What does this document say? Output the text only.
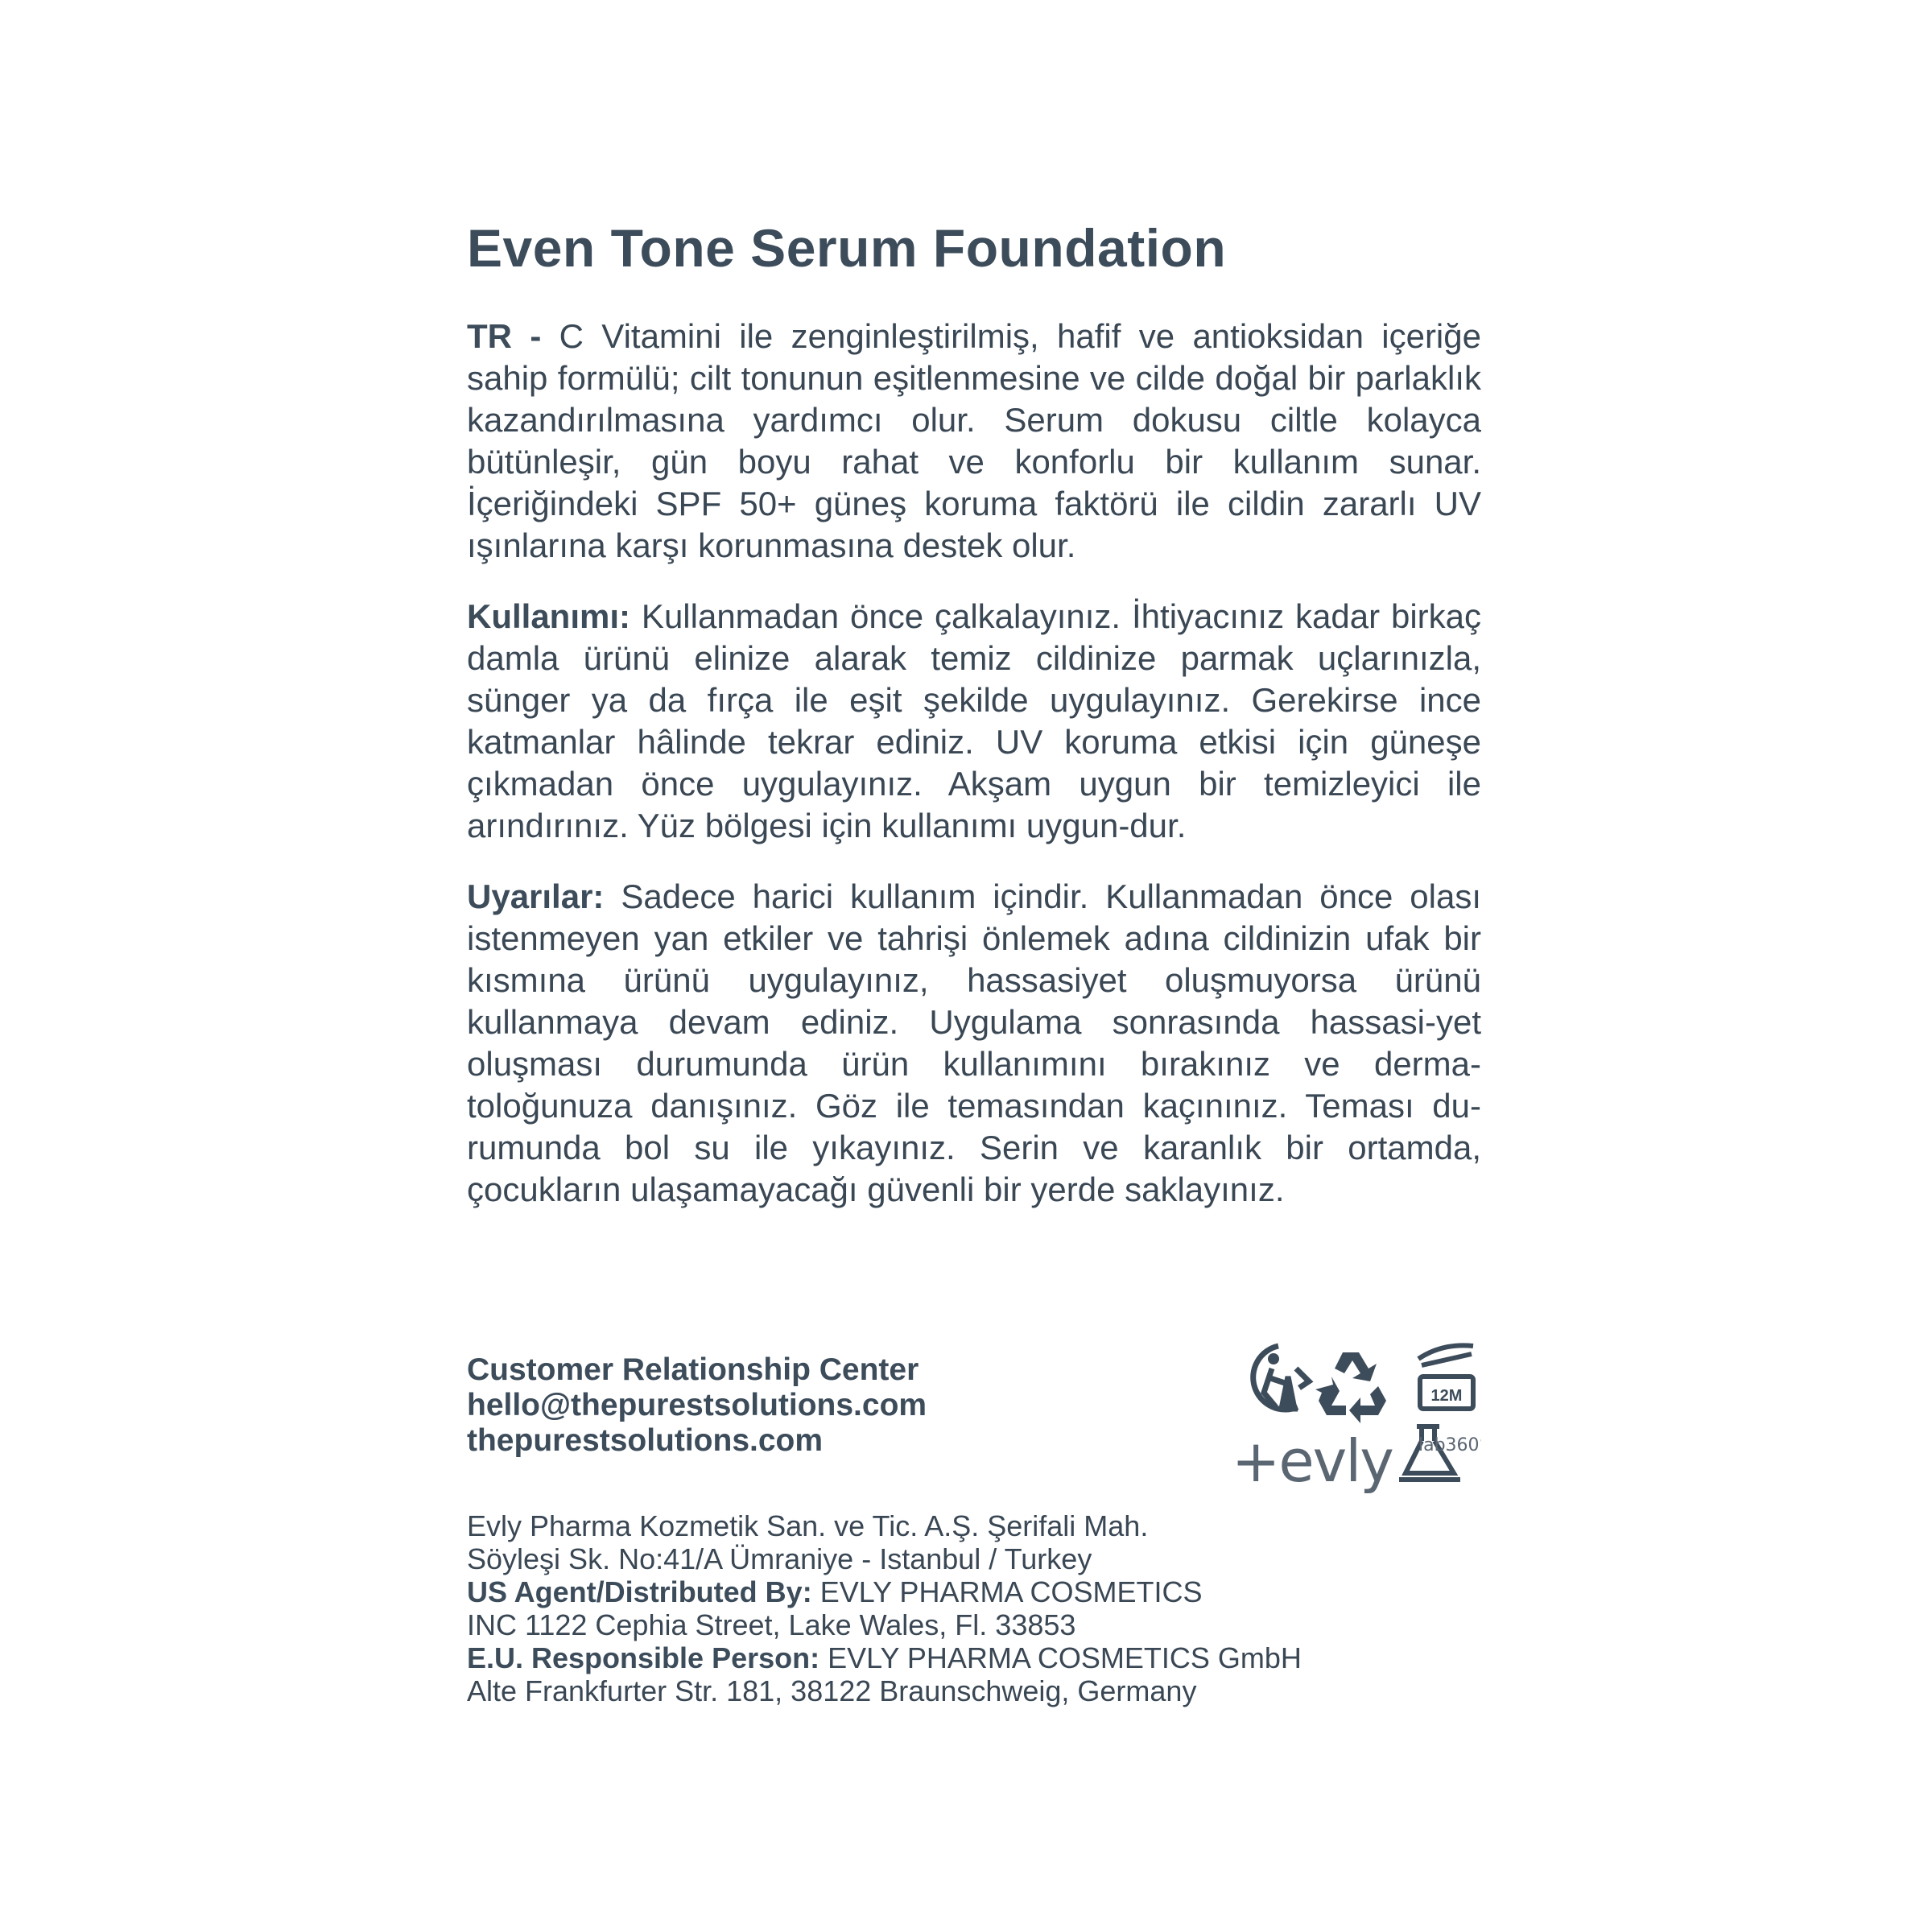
Even Tone Serum Foundation

TR - C Vitamini ile zenginleştirilmiş, hafif ve antioksidan içeriğe sahip formülü; cilt tonunun eşitlenmesine ve cilde doğal bir parlaklık kazandırılmasına yardımcı olur. Serum dokusu ciltle kolayca bütünleşir, gün boyu rahat ve konforlu bir kullanım sunar. İçeriğindeki SPF 50+ güneş koruma faktörü ile cildin zararlı UV ışınlarına karşı korunmasına destek olur.

Kullanımı: Kullanmadan önce çalkalayınız. İhtiyacınız kadar birkaç damla ürünü elinize alarak temiz cildinize parmak uçlarınızla, sünger ya da fırça ile eşit şekilde uygulayınız. Gerekirse ince katmanlar hâlinde tekrar ediniz. UV koruma etkisi için güneşe çıkmadan önce uygulayınız. Akşam uygun bir temizleyici ile arındırınız. Yüz bölgesi için kullanımı uygun-dur.

Uyarılar: Sadece harici kullanım içindir. Kullanmadan önce olası istenmeyen yan etkiler ve tahrişi önlemek adına cildinizin ufak bir kısmına ürünü uygulayınız, hassasiyet oluşmuyorsa ürünü kullanmaya devam ediniz. Uygulama sonrasında hassasi-yet oluşması durumunda ürün kullanımını bırakınız ve derma-toloğunuza danışınız. Göz ile temasından kaçınınız. Teması du-rumunda bol su ile yıkayınız. Serin ve karanlık bir ortamda, çocukların ulaşamayacağı güvenli bir yerde saklayınız.

Customer Relationship Center
hello@thepurestsolutions.com
thepurestsolutions.com
12M
+evly lab360°
Evly Pharma Kozmetik San. ve Tic. A.Ş. Şerifali Mah.
Söyleşi Sk. No:41/A Ümraniye - Istanbul / Turkey
US Agent/Distributed By: EVLY PHARMA COSMETICS
INC 1122 Cephia Street, Lake Wales, Fl. 33853
E.U. Responsible Person: EVLY PHARMA COSMETICS GmbH
Alte Frankfurter Str. 181, 38122 Braunschweig, Germany
